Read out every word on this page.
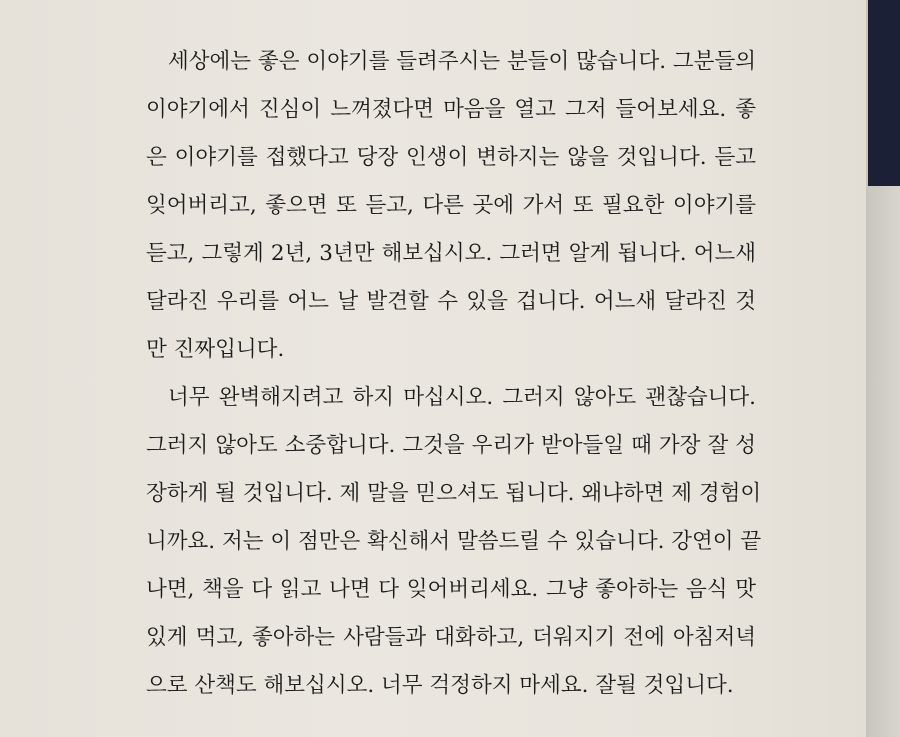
세상에는 좋은 이야기를 들려주시는 분들이 많습니다. 그분들의
이야기에서 진심이 느껴졌다면 마음을 열고 그저 들어보세요. 좋
은 이야기를 접했다고 당장 인생이 변하지는 않을 것입니다. 듣고
잊어버리고, 좋으면 또 듣고, 다른 곳에 가서 또 필요한 이야기를
듣고, 그렇게 2년, 3년만 해보십시오. 그러면 알게 됩니다. 어느새
달라진 우리를 어느 날 발견할 수 있을 겁니다. 어느새 달라진 것
만 진짜입니다.
너무 완벽해지려고 하지 마십시오. 그러지 않아도 괜찮습니다.
그러지 않아도 소중합니다. 그것을 우리가 받아들일 때 가장 잘 성
장하게 될 것입니다. 제 말을 믿으셔도 됩니다. 왜냐하면 제 경험이
니까요. 저는 이 점만은 확신해서 말씀드릴 수 있습니다. 강연이 끝
나면, 책을 다 읽고 나면 다 잊어버리세요. 그냥 좋아하는 음식 맛
있게 먹고, 좋아하는 사람들과 대화하고, 더워지기 전에 아침저녁
으로 산책도 해보십시오. 너무 걱정하지 마세요. 잘될 것입니다.
